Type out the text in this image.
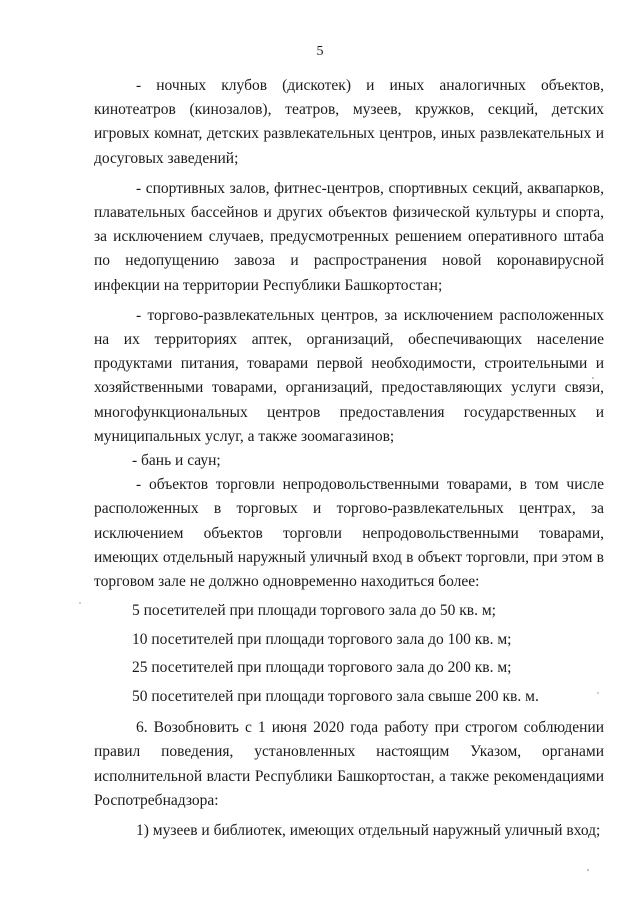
5

- ночных клубов (дискотек) и иных аналогичных объектов, кинотеатров (кинозалов), театров, музеев, кружков, секций, детских игровых комнат, детских развлекательных центров, иных развлекательных и досуговых заведений;

- спортивных залов, фитнес-центров, спортивных секций, аквапарков, плавательных бассейнов и других объектов физической культуры и спорта, за исключением случаев, предусмотренных решением оперативного штаба по недопущению завоза и распространения новой коронавирусной инфекции на территории Республики Башкортостан;

- торгово-развлекательных центров, за исключением расположенных на их территориях аптек, организаций, обеспечивающих население продуктами питания, товарами первой необходимости, строительными и хозяйственными товарами, организаций, предоставляющих услуги связи, многофункциональных центров предоставления государственных и муниципальных услуг, а также зоомагазинов;

- бань и саун;

- объектов торговли непродовольственными товарами, в том числе расположенных в торговых и торгово-развлекательных центрах, за исключением объектов торговли непродовольственными товарами, имеющих отдельный наружный уличный вход в объект торговли, при этом в торговом зале не должно одновременно находиться более:

5 посетителей при площади торгового зала до 50 кв. м;

10 посетителей при площади торгового зала до 100 кв. м;

25 посетителей при площади торгового зала до 200 кв. м;

50 посетителей при площади торгового зала свыше 200 кв. м.

6. Возобновить с 1 июня 2020 года работу при строгом соблюдении правил поведения, установленных настоящим Указом, органами исполнительной власти Республики Башкортостан, а также рекомендациями Роспотребнадзора:

1) музеев и библиотек, имеющих отдельный наружный уличный вход;
